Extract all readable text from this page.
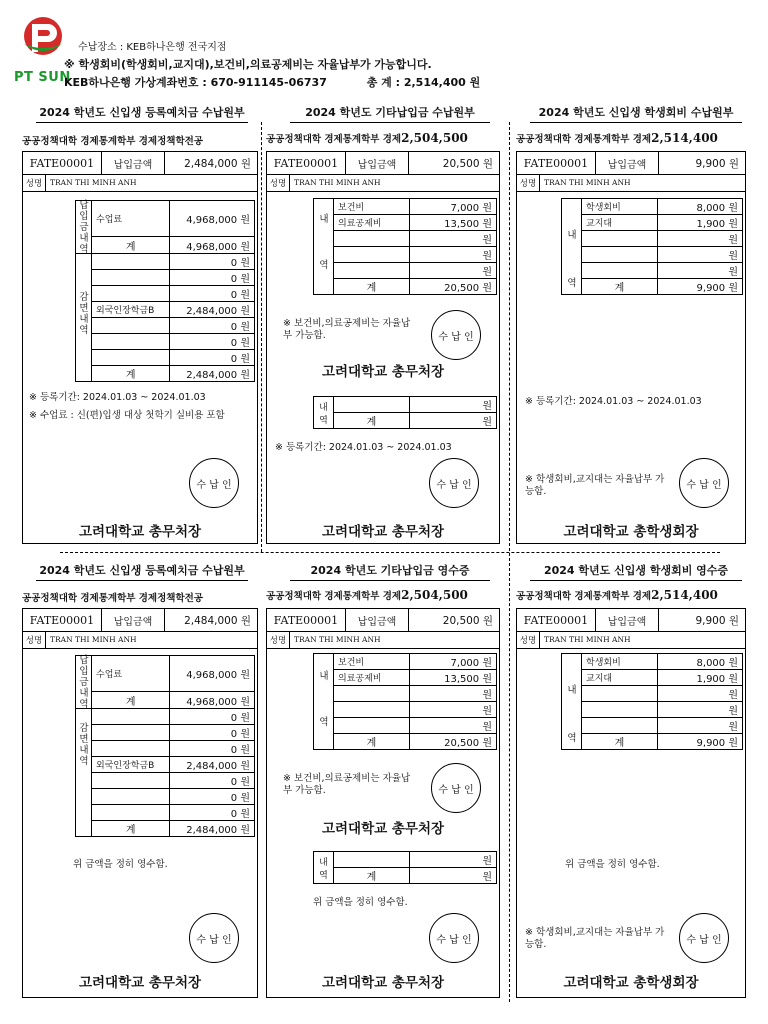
PT SUN
수납장소 : KEB하나은행 전국지점
※ 학생회비(학생회비,교지대),보건비,의료공제비는 자율납부가 가능합니다.
KEB하나은행 가상계좌번호 : 670-911145-06737	총 계 : 2,514,400 원
2024 학년도 신입생 등록예치금 수납원부
공공정책대학 경제통계학부 경제정책학전공
FATE00001	납입금액	2,484,000 원
성명	TRAN THI MINH ANH
납입금내역
감면내역
	수업료	4,968,000 원
	계	4,968,000 원
		0 원
		0 원
		0 원
	외국인장학금B	2,484,000 원
		0 원
		0 원
		0 원
	계	2,484,000 원
※ 등록기간: 2024.01.03 ~ 2024.01.03
※ 수업료 : 신(편)입생 대상 첫학기 실비용 포함
수 납 인
고려대학교 총무처장
2024 학년도 기타납입금 수납원부
공공정책대학 경제통계학부 경제2,504,500
FATE00001	납입금액	20,500 원
성명	TRAN THI MINH ANH
내
역
	보건비	7,000 원
	의료공제비	13,500 원
		원
		원
		원
	계	20,500 원
※ 보건비,의료공제비는 자율납부 가능함.	수 납 인
고려대학교 총무처장
내
역		원
	계	원
※ 등록기간: 2024.01.03 ~ 2024.01.03
수 납 인
고려대학교 총무처장
2024 학년도 신입생 학생회비 수납원부
공공정책대학 경제통계학부 경제2,514,400
FATE00001	납입금액	9,900 원
성명	TRAN THI MINH ANH
내
역
	학생회비	8,000 원
	교지대	1,900 원
		원
		원
		원
	계	9,900 원
※ 등록기간: 2024.01.03 ~ 2024.01.03
※ 학생회비,교지대는 자율납부 가능함.
수 납 인
고려대학교 총학생회장
2024 학년도 신입생 등록예치금 수납원부
공공정책대학 경제통계학부 경제정책학전공
FATE00001	납입금액	2,484,000 원
성명	TRAN THI MINH ANH
납입금내역
감면내역
	수업료	4,968,000 원
	계	4,968,000 원
		0 원
		0 원
		0 원
	외국인장학금B	2,484,000 원
		0 원
		0 원
		0 원
	계	2,484,000 원
위 금액을 정히 영수함.
수 납 인
고려대학교 총무처장
2024 학년도 기타납입금 영수증
공공정책대학 경제통계학부 경제2,504,500
FATE00001	납입금액	20,500 원
성명	TRAN THI MINH ANH
내
역
	보건비	7,000 원
	의료공제비	13,500 원
		원
		원
		원
	계	20,500 원
※ 보건비,의료공제비는 자율납부 가능함.	수 납 인
고려대학교 총무처장
내
역		원
	계	원
위 금액을 정히 영수함.
수 납 인
고려대학교 총무처장
2024 학년도 신입생 학생회비 영수증
공공정책대학 경제통계학부 경제2,514,400
FATE00001	납입금액	9,900 원
성명	TRAN THI MINH ANH
내
역
	학생회비	8,000 원
	교지대	1,900 원
		원
		원
		원
	계	9,900 원
위 금액을 정히 영수함.
※ 학생회비,교지대는 자율납부 가능함.	수 납 인
고려대학교 총학생회장
